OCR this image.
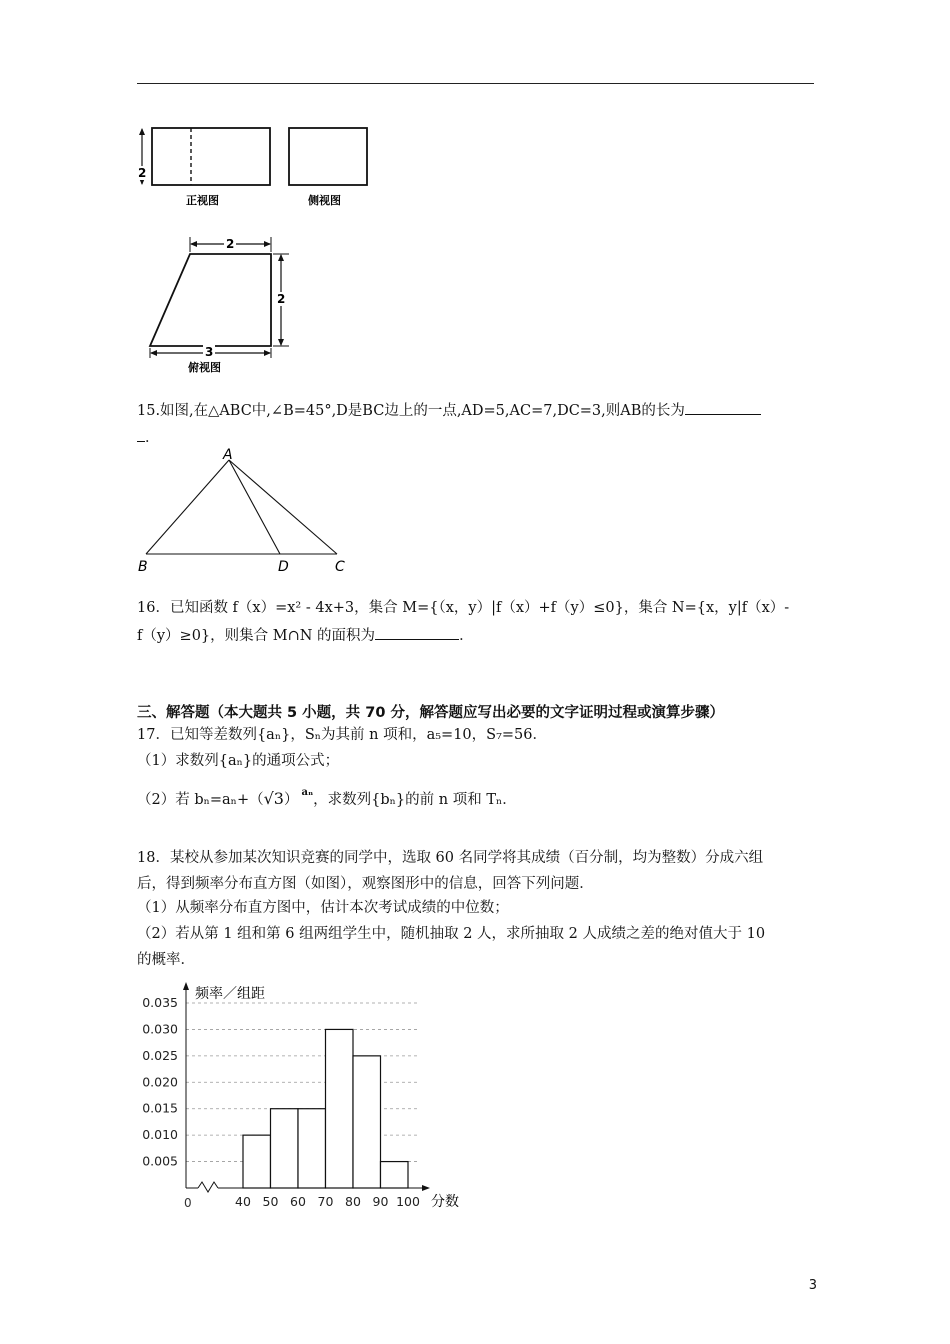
2
正视图	侧视图
2
2
3
俯视图
15.如图,在△ABC中,∠B=45°,D是BC边上的一点,AD=5,AC=7,DC=3,则AB的长为
．
A
B	D	C
16．已知函数 f（x）=x² - 4x+3，集合 M={（x，y）|f（x）+f（y）≤0}，集合 N={x，y|f（x）-
f（y）≥0}，则集合 M∩N 的面积为	．
三、解答题（本大题共 5 小题，共 70 分，解答题应写出必要的文字证明过程或演算步骤）
17．已知等差数列{aₙ}，Sₙ为其前 n 项和，a₅=10，S₇=56．
（1）求数列{aₙ}的通项公式；
（2）若 bₙ=aₙ+（√3） $^{a_n}$，求数列{bₙ}的前 n 项和 Tₙ．
18．某校从参加某次知识竞赛的同学中，选取 60 名同学将其成绩（百分制，均为整数）分成六组
后，得到频率分布直方图（如图），观察图形中的信息，回答下列问题．
（1）从频率分布直方图中，估计本次考试成绩的中位数；
（2）若从第 1 组和第 6 组两组学生中，随机抽取 2 人，求所抽取 2 人成绩之差的绝对值大于 10
的概率．
频率／组距
分数
0
0.005
0.010
0.015
0.020
0.025
0.030
0.035
40 50 60 70 80 90 100
3
